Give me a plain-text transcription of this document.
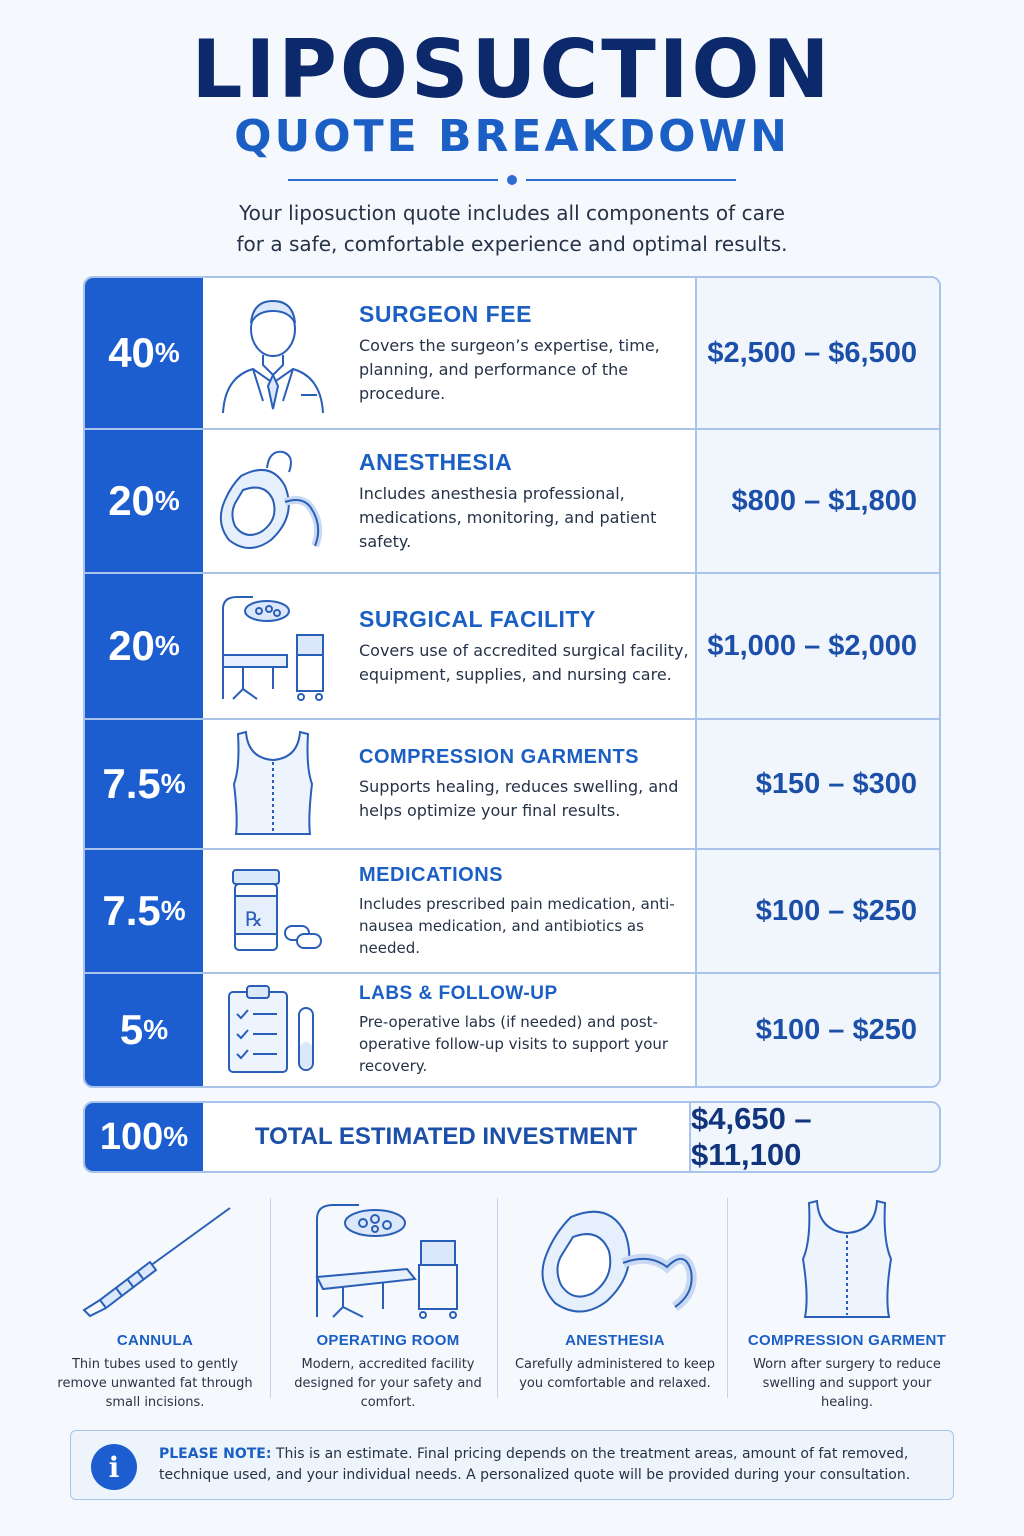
LIPOSUCTION
QUOTE BREAKDOWN
Your liposuction quote includes all components of care
for a safe, comfortable experience and optimal results.
40 %
SURGEON FEE

Covers the surgeon’s expertise, time, planning, and performance of the procedure.

$2,500 – $6,500
20 %
ANESTHESIA

Includes anesthesia professional, medications, monitoring, and patient safety.

$800 – $1,800
20 %
SURGICAL FACILITY

Covers use of accredited surgical facility, equipment, supplies, and nursing care.

$1,000 – $2,000
7.5 %
COMPRESSION GARMENTS

Supports healing, reduces swelling, and helps optimize your final results.

$150 – $300
7.5 %	℞
MEDICATIONS

Includes prescribed pain medication, anti-nausea medication, and antibiotics as needed.

$100 – $250
5 %
LABS & FOLLOW-UP

Pre-operative labs (if needed) and post-operative follow-up visits to support your recovery.

$100 – $250
100 %	TOTAL ESTIMATED INVESTMENT
$4,650 – $11,100
CANNULA

Thin tubes used to gently remove unwanted fat through small incisions.

OPERATING ROOM

Modern, accredited facility designed for your safety and comfort.

ANESTHESIA

Carefully administered to keep you comfortable and relaxed.

COMPRESSION GARMENT

Worn after surgery to reduce swelling and support your healing.

i	PLEASE NOTE: This is an estimate. Final pricing depends on the treatment areas, amount of fat removed, technique used, and your individual needs. A personalized quote will be provided during your consultation.
